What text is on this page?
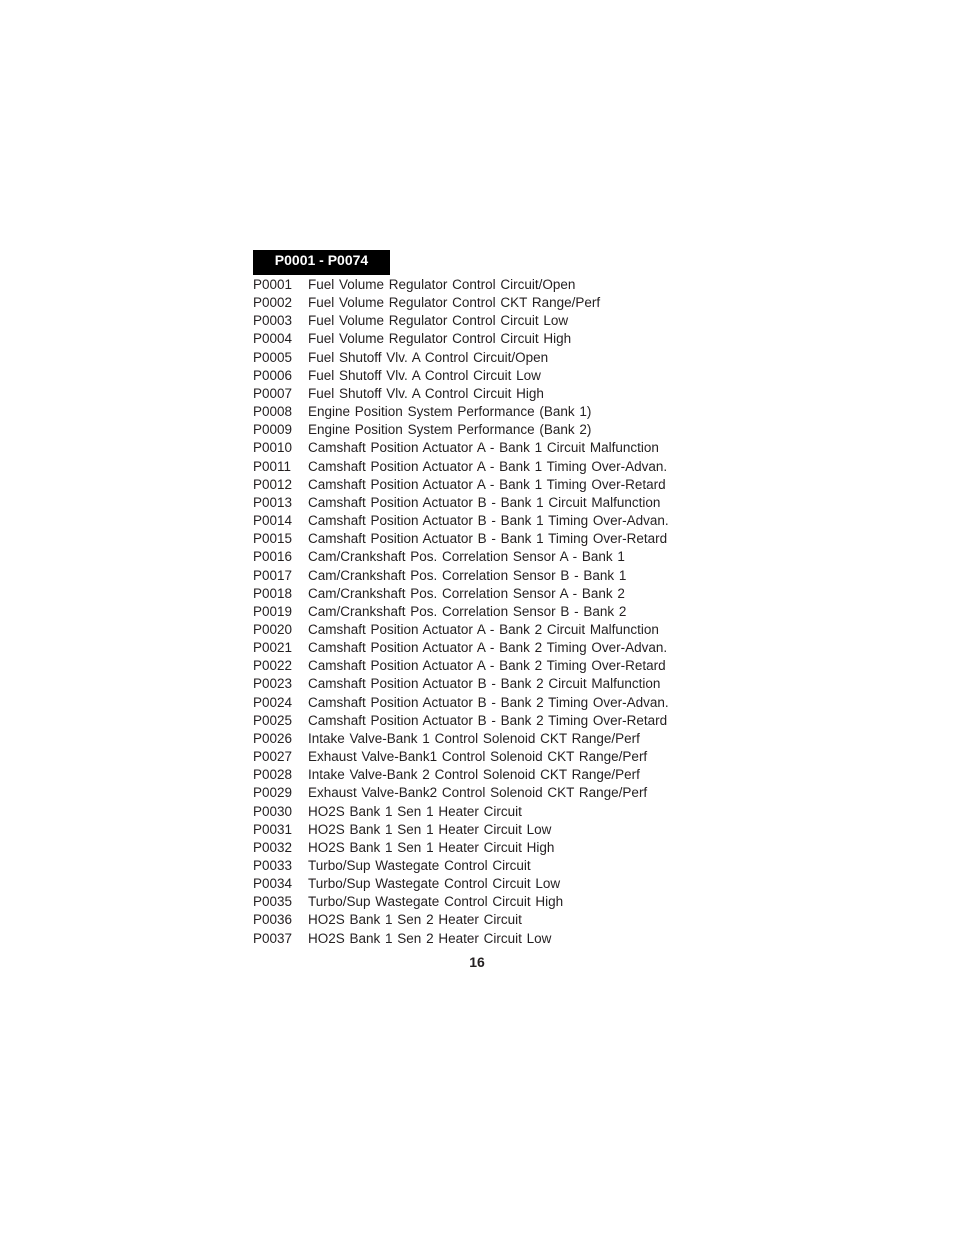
P0001 - P0074
P0001	Fuel Volume Regulator Control Circuit/Open
P0002	Fuel Volume Regulator Control CKT Range/Perf
P0003	Fuel Volume Regulator Control Circuit Low
P0004	Fuel Volume Regulator Control Circuit High
P0005	Fuel Shutoff Vlv. A Control Circuit/Open
P0006	Fuel Shutoff Vlv. A Control Circuit Low
P0007	Fuel Shutoff Vlv. A Control Circuit High
P0008	Engine Position System Performance (Bank 1)
P0009	Engine Position System Performance (Bank 2)
P0010	Camshaft Position Actuator A - Bank 1 Circuit Malfunction
P0011	Camshaft Position Actuator A - Bank 1 Timing Over-Advan.
P0012	Camshaft Position Actuator A - Bank 1 Timing Over-Retard
P0013	Camshaft Position Actuator B - Bank 1 Circuit Malfunction
P0014	Camshaft Position Actuator B - Bank 1 Timing Over-Advan.
P0015	Camshaft Position Actuator B - Bank 1 Timing Over-Retard
P0016	Cam/Crankshaft Pos. Correlation Sensor A - Bank 1
P0017	Cam/Crankshaft Pos. Correlation Sensor B - Bank 1
P0018	Cam/Crankshaft Pos. Correlation Sensor A - Bank 2
P0019	Cam/Crankshaft Pos. Correlation Sensor B - Bank 2
P0020	Camshaft Position Actuator A - Bank 2 Circuit Malfunction
P0021	Camshaft Position Actuator A - Bank 2 Timing Over-Advan.
P0022	Camshaft Position Actuator A - Bank 2 Timing Over-Retard
P0023	Camshaft Position Actuator B - Bank 2 Circuit Malfunction
P0024	Camshaft Position Actuator B - Bank 2 Timing Over-Advan.
P0025	Camshaft Position Actuator B - Bank 2 Timing Over-Retard
P0026	Intake Valve-Bank 1 Control Solenoid CKT Range/Perf
P0027	Exhaust Valve-Bank1 Control Solenoid CKT Range/Perf
P0028	Intake Valve-Bank 2 Control Solenoid CKT Range/Perf
P0029	Exhaust Valve-Bank2 Control Solenoid CKT Range/Perf
P0030	HO2S Bank 1 Sen 1 Heater Circuit
P0031	HO2S Bank 1 Sen 1 Heater Circuit Low
P0032	HO2S Bank 1 Sen 1 Heater Circuit High
P0033	Turbo/Sup Wastegate Control Circuit
P0034	Turbo/Sup Wastegate Control Circuit Low
P0035	Turbo/Sup Wastegate Control Circuit High
P0036	HO2S Bank 1 Sen 2 Heater Circuit
P0037	HO2S Bank 1 Sen 2 Heater Circuit Low
16
